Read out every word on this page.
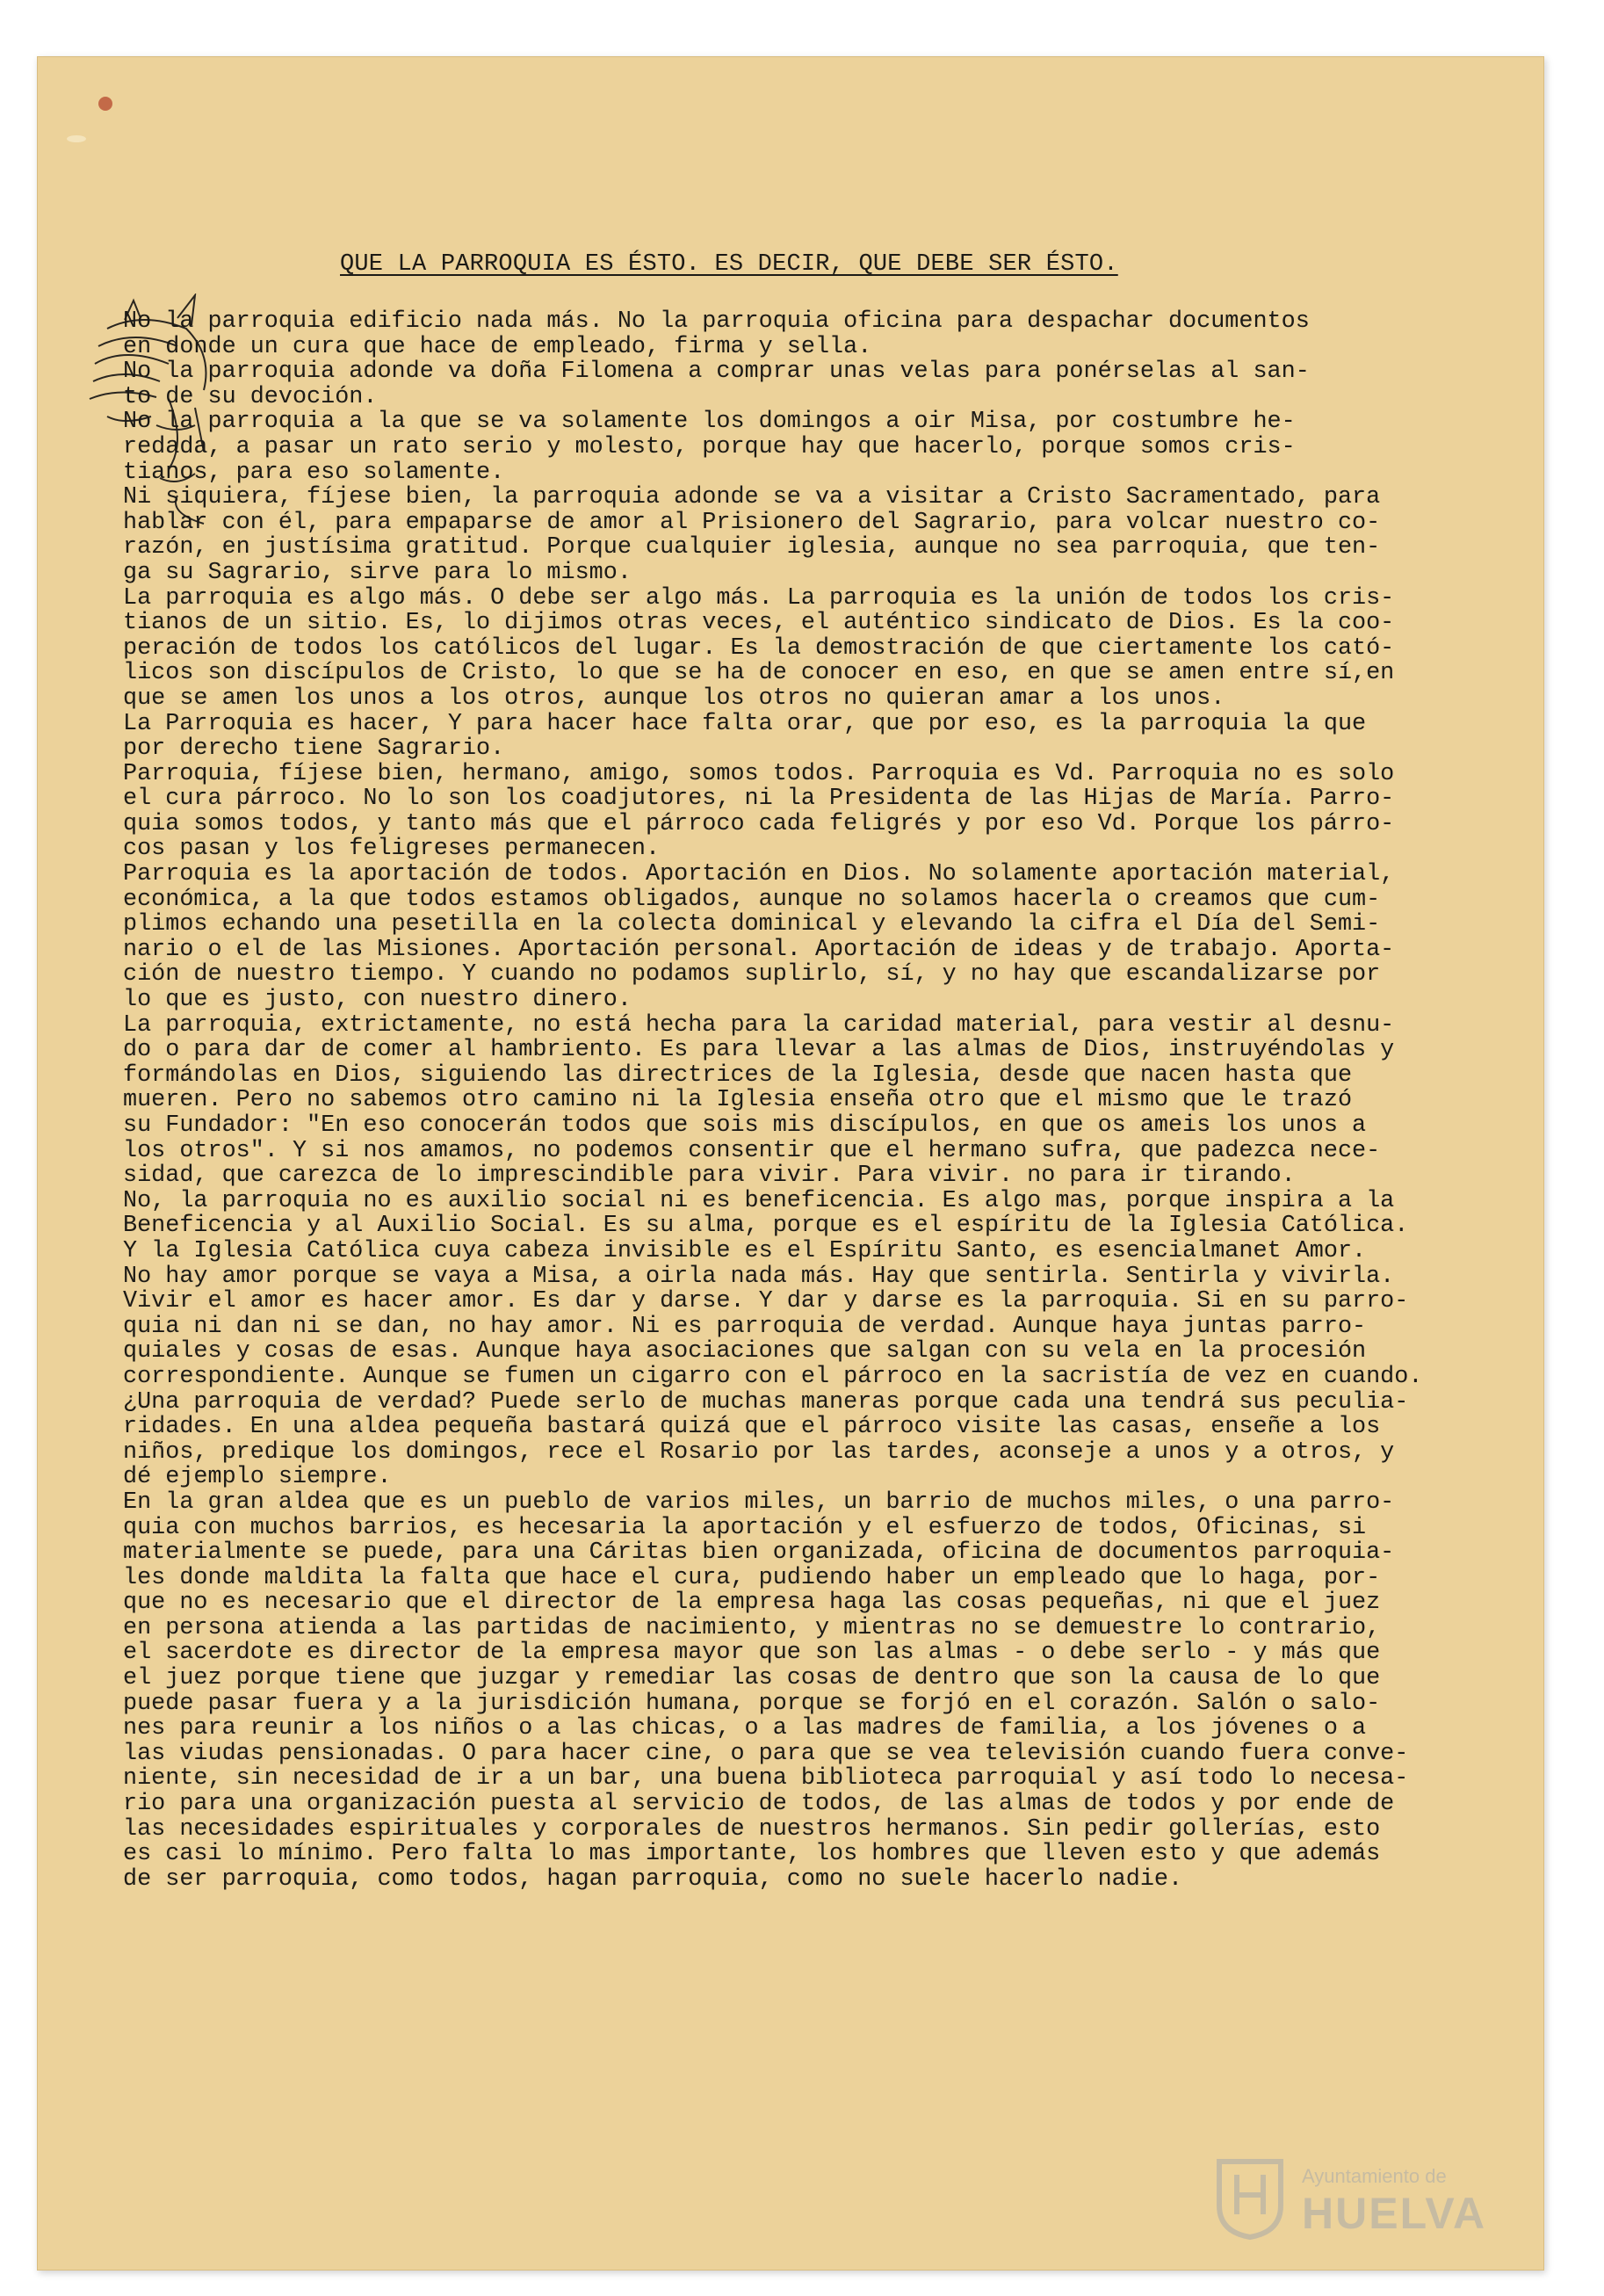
QUE LA PARROQUIA ES ÉSTO. ES DECIR, QUE DEBE SER ÉSTO.
No la parroquia edificio nada más. No la parroquia oficina para despachar documentos
en donde un cura que hace de empleado, firma y sella.
No la parroquia adonde va doña Filomena a comprar unas velas para ponérselas al san-
to de su devoción.
No la parroquia a la que se va solamente los domingos a oir Misa, por costumbre he-
redada, a pasar un rato serio y molesto, porque hay que hacerlo, porque somos cris-
tianos, para eso solamente.
Ni siquiera, fíjese bien, la parroquia adonde se va a visitar a Cristo Sacramentado, para
hablar con él, para empaparse de amor al Prisionero del Sagrario, para volcar nuestro co-
razón, en justísima gratitud. Porque cualquier iglesia, aunque no sea parroquia, que ten-
ga su Sagrario, sirve para lo mismo.
La parroquia es algo más. O debe ser algo más. La parroquia es la unión de todos los cris-
tianos de un sitio. Es, lo dijimos otras veces, el auténtico sindicato de Dios. Es la coo-
peración de todos los católicos del lugar. Es la demostración de que ciertamente los cató-
licos son discípulos de Cristo, lo que se ha de conocer en eso, en que se amen entre sí,en
que se amen los unos a los otros, aunque los otros no quieran amar a los unos.
La Parroquia es hacer, Y para hacer hace falta orar, que por eso, es la parroquia la que
por derecho tiene Sagrario.
Parroquia, fíjese bien, hermano, amigo, somos todos. Parroquia es Vd. Parroquia no es solo
el cura párroco. No lo son los coadjutores, ni la Presidenta de las Hijas de María. Parro-
quia somos todos, y tanto más que el párroco cada feligrés y por eso Vd. Porque los párro-
cos pasan y los feligreses permanecen.
Parroquia es la aportación de todos. Aportación en Dios. No solamente aportación material,
económica, a la que todos estamos obligados, aunque no solamos hacerla o creamos que cum-
plimos echando una pesetilla en la colecta dominical y elevando la cifra el Día del Semi-
nario o el de las Misiones. Aportación personal. Aportación de ideas y de trabajo. Aporta-
ción de nuestro tiempo. Y cuando no podamos suplirlo, sí, y no hay que escandalizarse por
lo que es justo, con nuestro dinero.
La parroquia, extrictamente, no está hecha para la caridad material, para vestir al desnu-
do o para dar de comer al hambriento. Es para llevar a las almas de Dios, instruyéndolas y
formándolas en Dios, siguiendo las directrices de la Iglesia, desde que nacen hasta que
mueren. Pero no sabemos otro camino ni la Iglesia enseña otro que el mismo que le trazó
su Fundador: "En eso conocerán todos que sois mis discípulos, en que os ameis los unos a
los otros". Y si nos amamos, no podemos consentir que el hermano sufra, que padezca nece-
sidad, que carezca de lo imprescindible para vivir. Para vivir. no para ir tirando.
No, la parroquia no es auxilio social ni es beneficencia. Es algo mas, porque inspira a la
Beneficencia y al Auxilio Social. Es su alma, porque es el espíritu de la Iglesia Católica.
Y la Iglesia Católica cuya cabeza invisible es el Espíritu Santo, es esencialmanet Amor.
No hay amor porque se vaya a Misa, a oirla nada más. Hay que sentirla. Sentirla y vivirla.
Vivir el amor es hacer amor. Es dar y darse. Y dar y darse es la parroquia. Si en su parro-
quia ni dan ni se dan, no hay amor. Ni es parroquia de verdad. Aunque haya juntas parro-
quiales y cosas de esas. Aunque haya asociaciones que salgan con su vela en la procesión
correspondiente. Aunque se fumen un cigarro con el párroco en la sacristía de vez en cuando.
¿Una parroquia de verdad? Puede serlo de muchas maneras porque cada una tendrá sus peculia-
ridades. En una aldea pequeña bastará quizá que el párroco visite las casas, enseñe a los
niños, predique los domingos, rece el Rosario por las tardes, aconseje a unos y a otros, y
dé ejemplo siempre.
En la gran aldea que es un pueblo de varios miles, un barrio de muchos miles, o una parro-
quia con muchos barrios, es hecesaria la aportación y el esfuerzo de todos, Oficinas, si
materialmente se puede, para una Cáritas bien organizada, oficina de documentos parroquia-
les donde maldita la falta que hace el cura, pudiendo haber un empleado que lo haga, por-
que no es necesario que el director de la empresa haga las cosas pequeñas, ni que el juez
en persona atienda a las partidas de nacimiento, y mientras no se demuestre lo contrario,
el sacerdote es director de la empresa mayor que son las almas - o debe serlo - y más que
el juez porque tiene que juzgar y remediar las cosas de dentro que son la causa de lo que
puede pasar fuera y a la jurisdición humana, porque se forjó en el corazón. Salón o salo-
nes para reunir a los niños o a las chicas, o a las madres de familia, a los jóvenes o a
las viudas pensionadas. O para hacer cine, o para que se vea televisión cuando fuera conve-
niente, sin necesidad de ir a un bar, una buena biblioteca parroquial y así todo lo necesa-
rio para una organización puesta al servicio de todos, de las almas de todos y por ende de
las necesidades espirituales y corporales de nuestros hermanos. Sin pedir gollerías, esto
es casi lo mínimo. Pero falta lo mas importante, los hombres que lleven esto y que además
de ser parroquia, como todos, hagan parroquia, como no suele hacerlo nadie.
Ayuntamiento de
HUELVA
